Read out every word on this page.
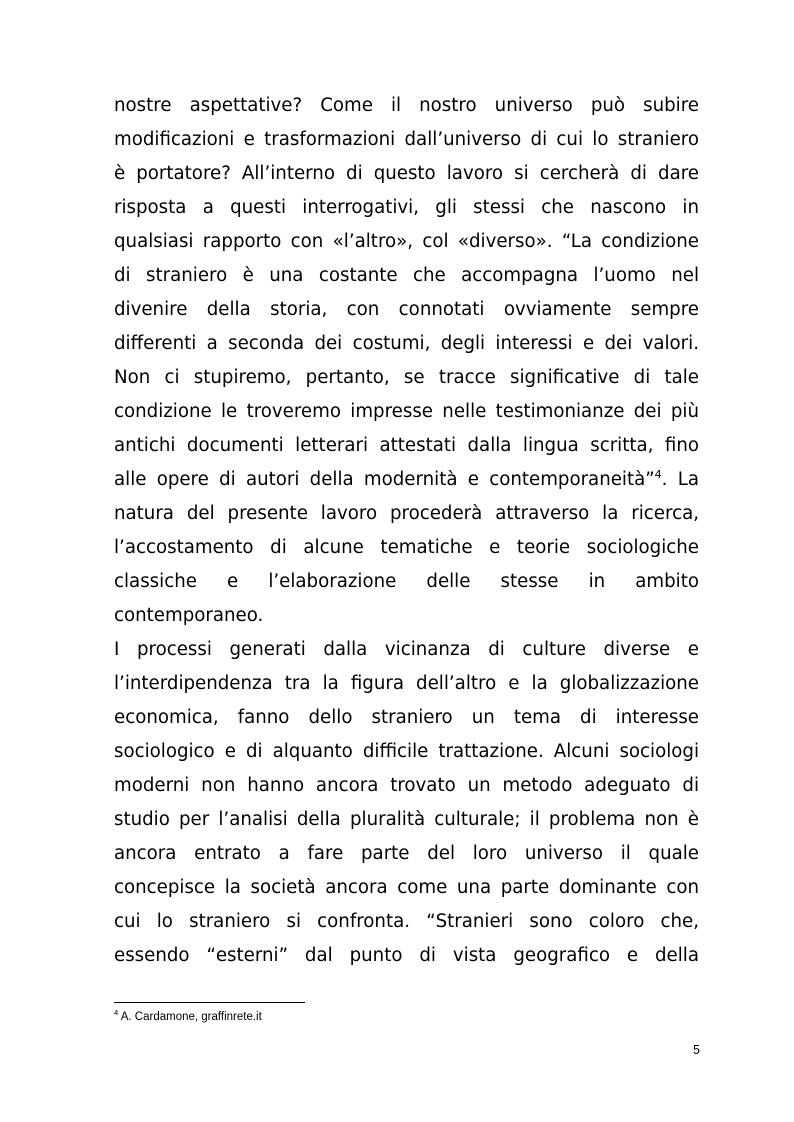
nostre aspettative? Come il nostro universo può subire
modificazioni e trasformazioni dall’universo di cui lo straniero
è portatore? All’interno di questo lavoro si cercherà di dare
risposta a questi interrogativi, gli stessi che nascono in
qualsiasi rapporto con «l’altro», col «diverso». “La condizione
di straniero è una costante che accompagna l’uomo nel
divenire della storia, con connotati ovviamente sempre
differenti a seconda dei costumi, degli interessi e dei valori.
Non ci stupiremo, pertanto, se tracce significative di tale
condizione le troveremo impresse nelle testimonianze dei più
antichi documenti letterari attestati dalla lingua scritta, fino
alle opere di autori della modernità e contemporaneità”$^4$. La
natura del presente lavoro procederà attraverso la ricerca,
l’accostamento di alcune tematiche e teorie sociologiche
classiche e l’elaborazione delle stesse in ambito
contemporaneo.
I processi generati dalla vicinanza di culture diverse e
l’interdipendenza tra la figura dell’altro e la globalizzazione
economica, fanno dello straniero un tema di interesse
sociologico e di alquanto difficile trattazione. Alcuni sociologi
moderni non hanno ancora trovato un metodo adeguato di
studio per l’analisi della pluralità culturale; il problema non è
ancora entrato a fare parte del loro universo il quale
concepisce la società ancora come una parte dominante con
cui lo straniero si confronta. “Stranieri sono coloro che,
essendo “esterni” dal punto di vista geografico e della
$^4$ A. Cardamone, graffinrete.it
5
